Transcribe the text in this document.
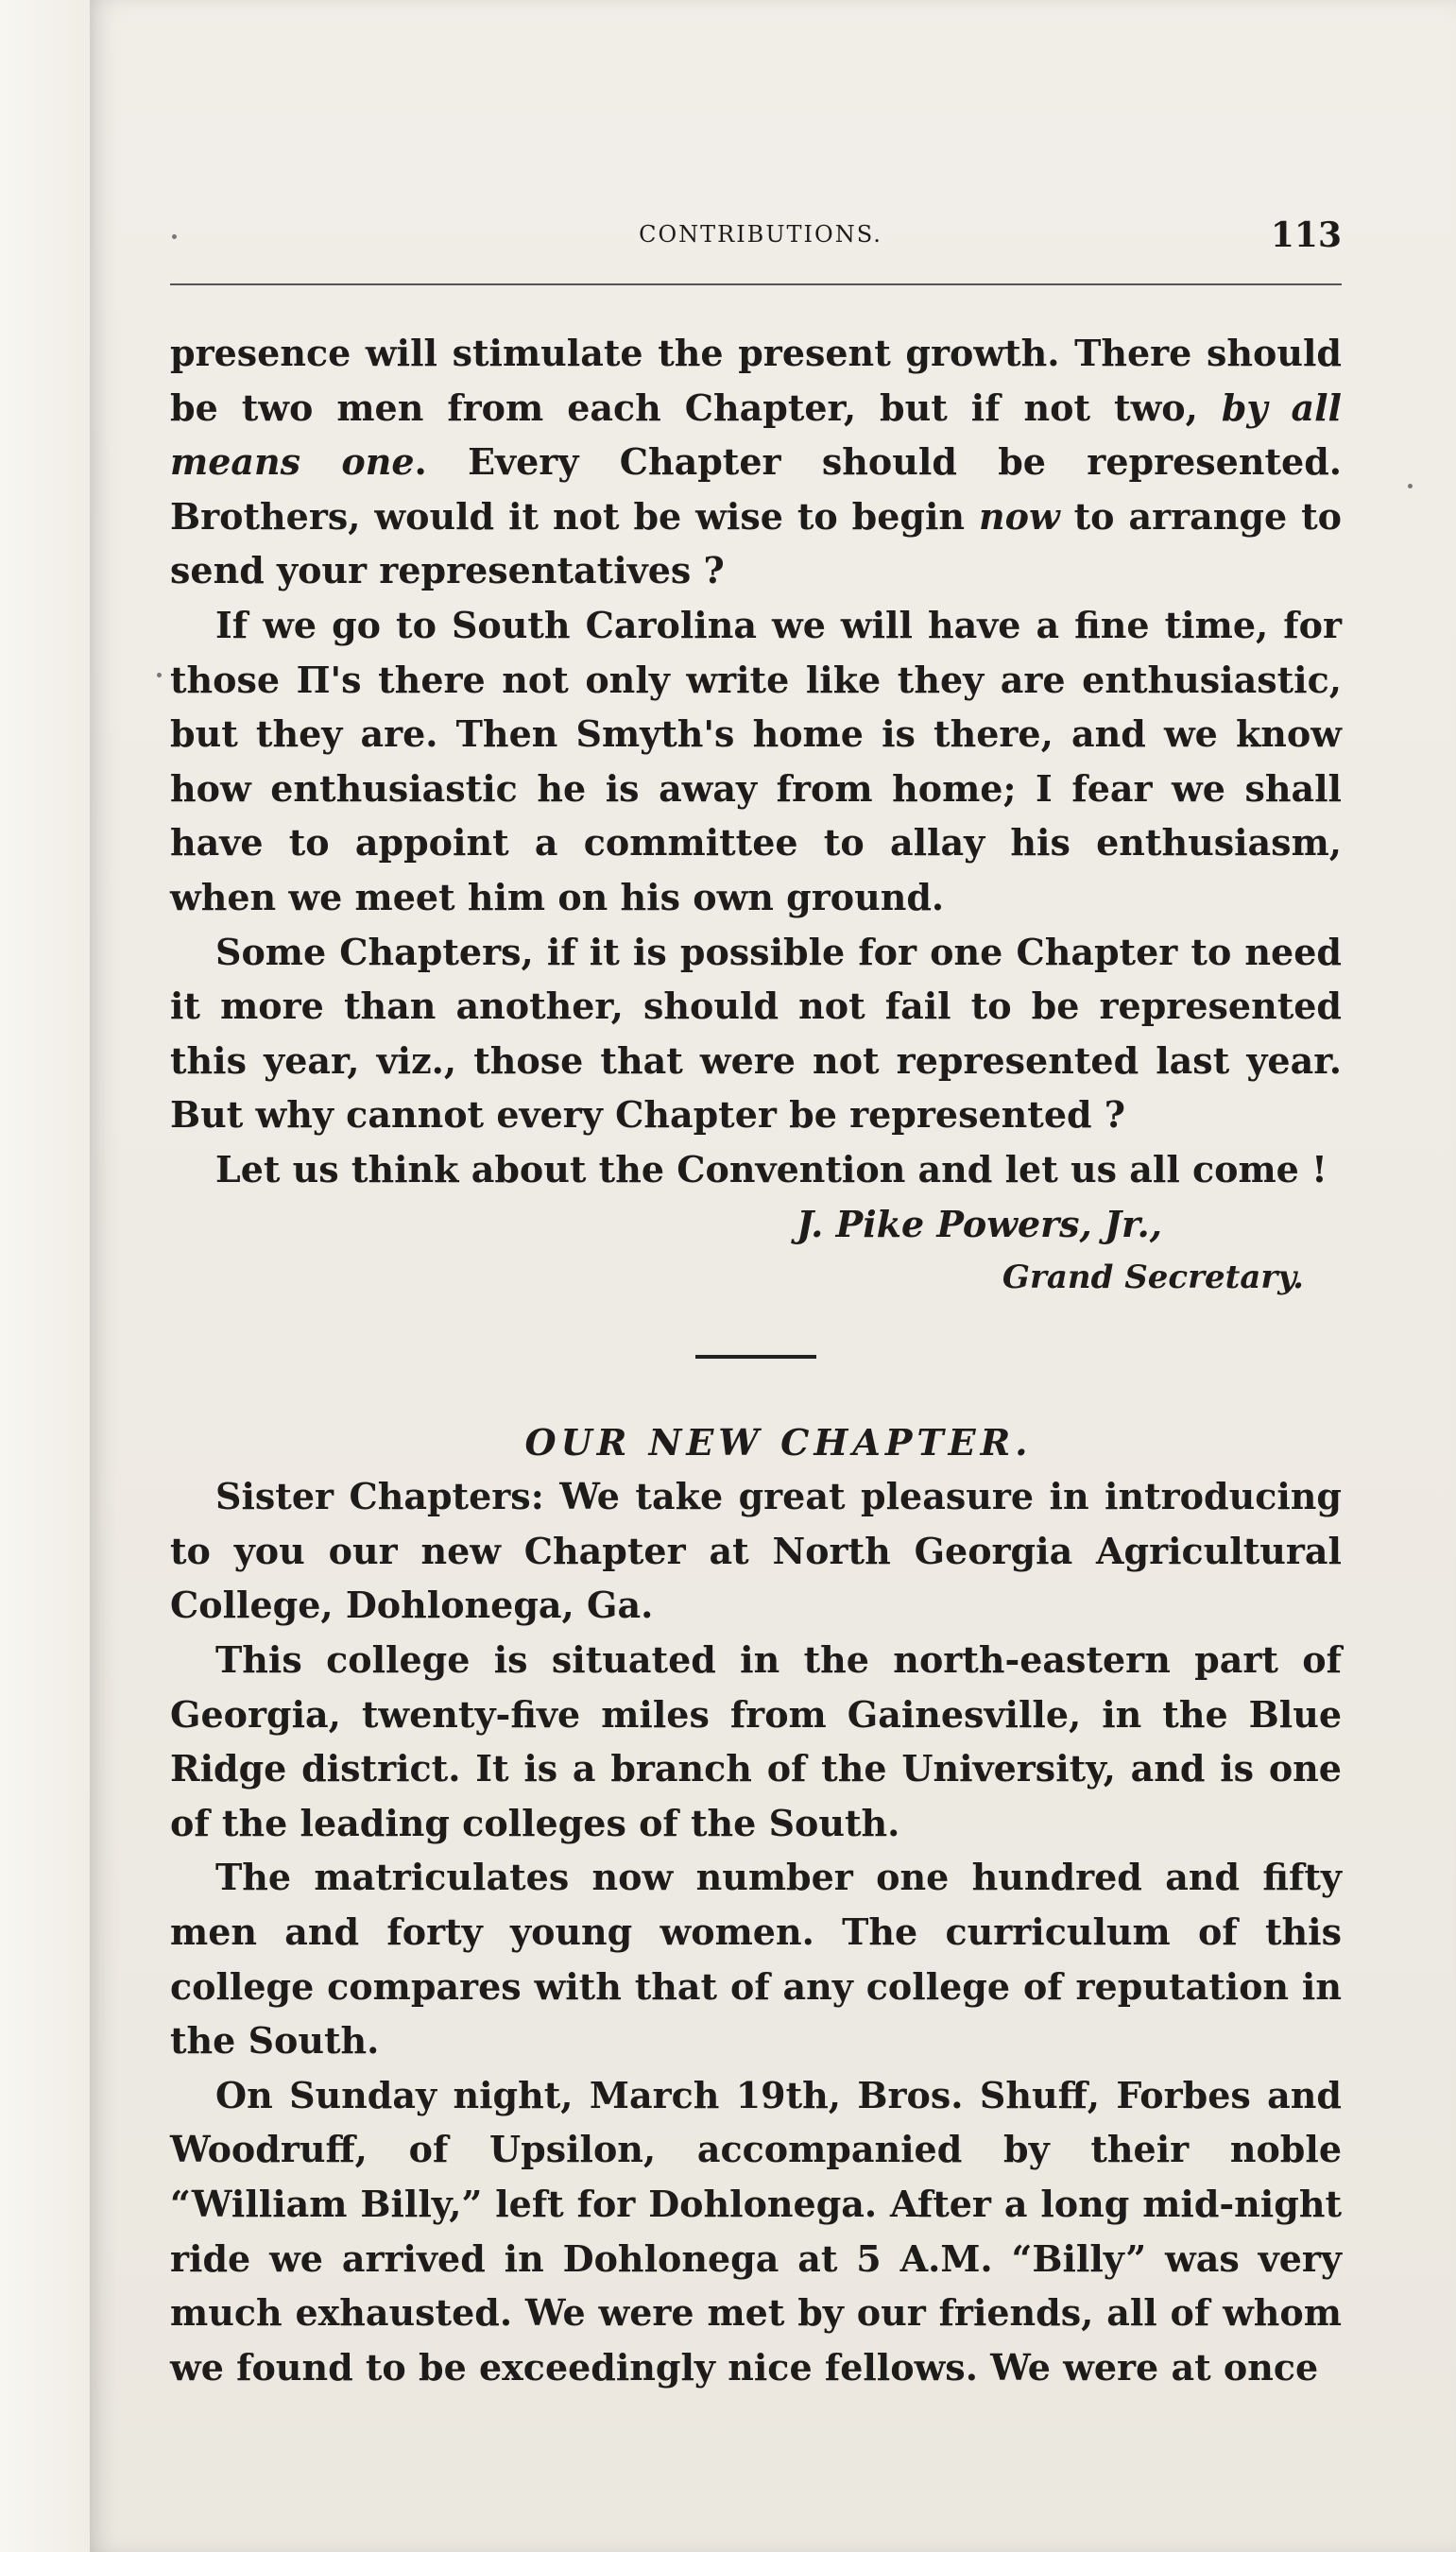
CONTRIBUTIONS.	113

presence will stimulate the present growth. There should be two men from each Chapter, but if not two, by all means one. Every Chapter should be represented. Brothers, would it not be wise to begin now to arrange to send your representatives ?

If we go to South Carolina we will have a fine time, for those Π's there not only write like they are enthusiastic, but they are. Then Smyth's home is there, and we know how enthusiastic he is away from home; I fear we shall have to appoint a committee to allay his enthusiasm, when we meet him on his own ground.

Some Chapters, if it is possible for one Chapter to need it more than another, should not fail to be represented this year, viz., those that were not represented last year. But why cannot every Chapter be represented ?

Let us think about the Convention and let us all come !

J. Pike Powers, Jr.,

Grand Secretary.

OUR NEW CHAPTER.

Sister Chapters: We take great pleasure in introducing to you our new Chapter at North Georgia Agricultural College, Dohlonega, Ga.

This college is situated in the north-eastern part of Georgia, twenty-five miles from Gainesville, in the Blue Ridge district. It is a branch of the University, and is one of the leading colleges of the South.

The matriculates now number one hundred and fifty men and forty young women. The curriculum of this college compares with that of any college of reputation in the South.

On Sunday night, March 19th, Bros. Shuff, Forbes and Woodruff, of Upsilon, accompanied by their noble “William Billy,” left for Dohlonega. After a long mid-night ride we arrived in Dohlonega at 5 A.M. “Billy” was very much exhausted. We were met by our friends, all of whom we found to be exceedingly nice fellows. We were at once
